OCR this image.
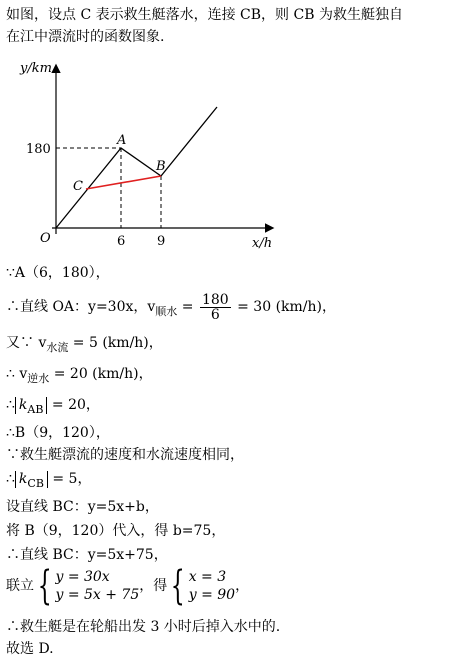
如图，设点 C 表示救生艇落水，连接 CB，则 CB 为救生艇独自
在江中漂流时的函数图象.
y/km
x/h
O
180
6 9
A
B
C
∵A（6，180），
∴直线 OA：y=30x，$v_{顺水} = \frac{180}{6} = 30$ (km/h)，
又∵ $v_{水流} = 5$ (km/h)，
∴ $v_{逆水} = 20$ (km/h)，
∴ $k_{AB} = 20$，
∴B（9，120），
∵救生艇漂流的速度和水流速度相同，
∴ $k_{CB} = 5$，
设直线 BC：y=5x+b，
将 B（9，120）代入，得 b=75，
∴直线 BC：y=5x+75，
联立{ y = 30x
y = 5x + 75
，得{ x = 3
y = 90
，
∴救生艇是在轮船出发 3 小时后掉入水中的.
故选 D.
